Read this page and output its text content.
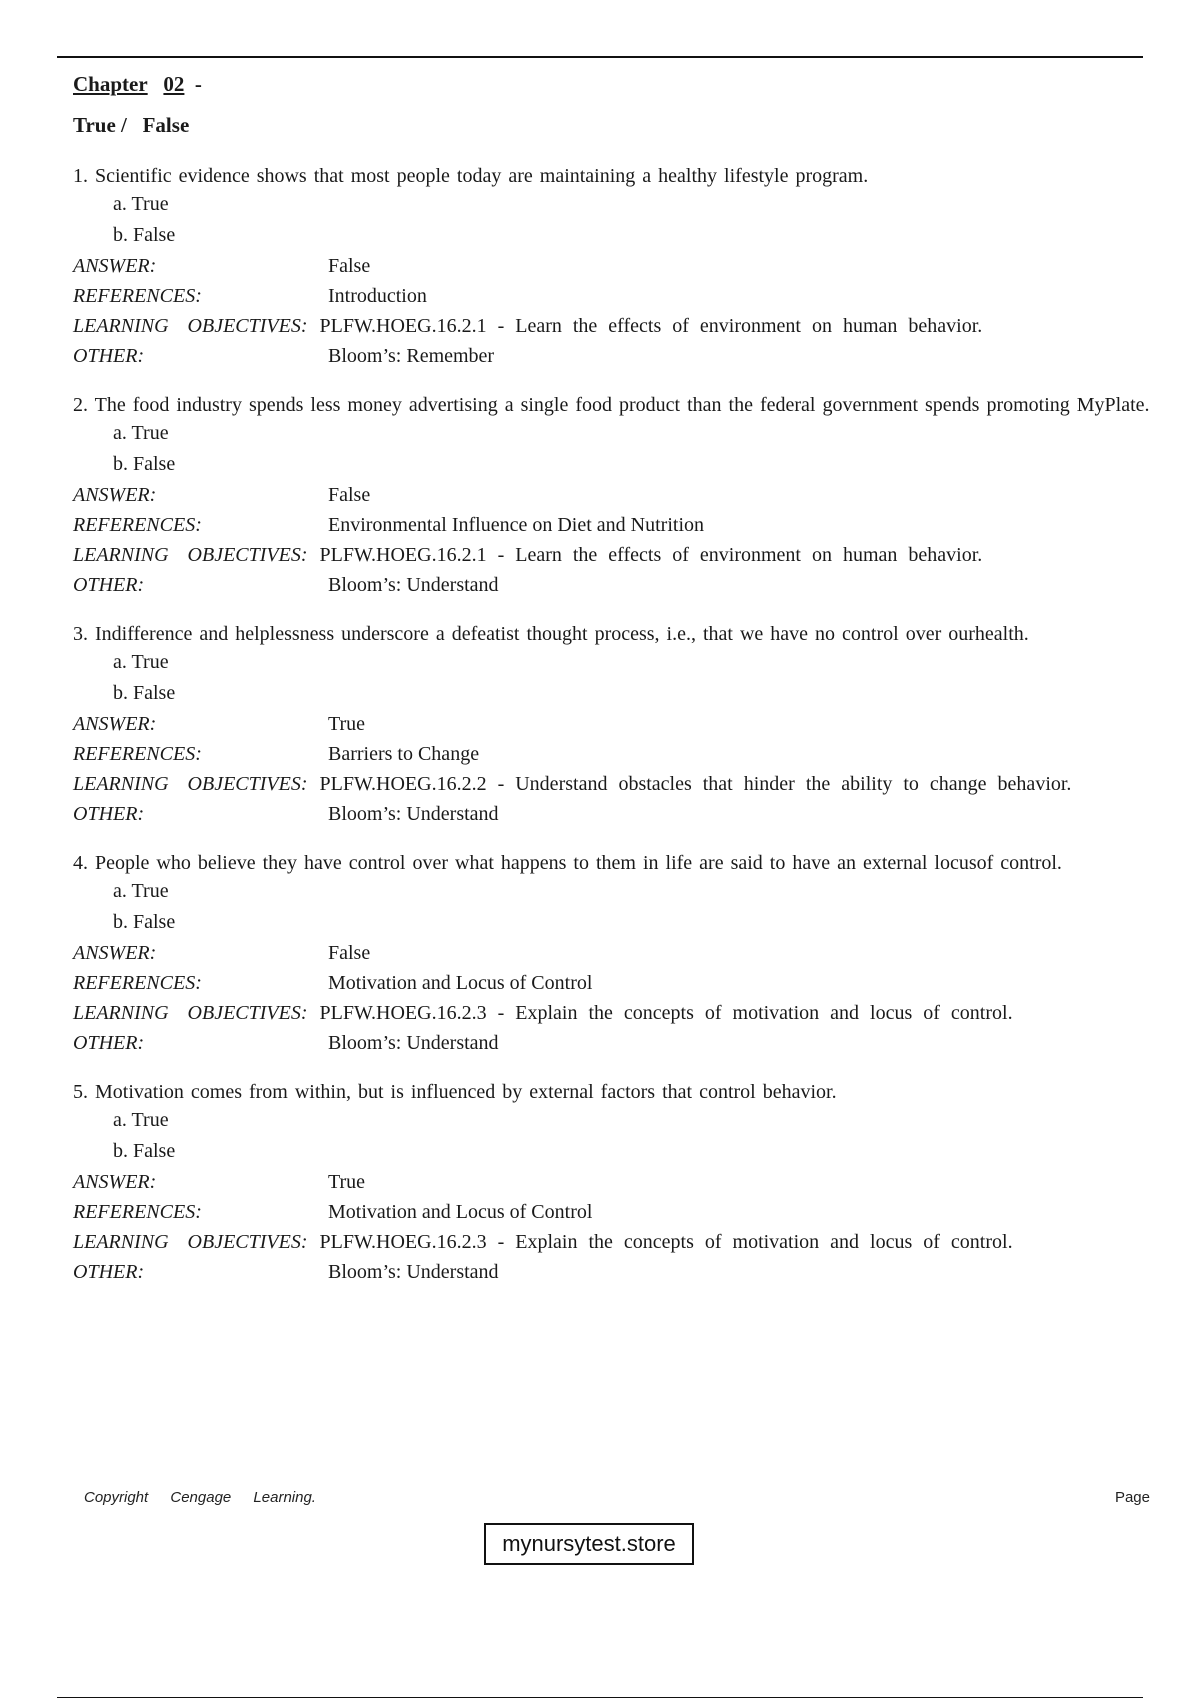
Chapter 02 -
True /   False
1. Scientific evidence shows that most people today are maintaining a healthy lifestyle program.
a. True
b. False
ANSWER:	False
REFERENCES:	Introduction
LEARNING OBJECTIVES: PLFW.HOEG.16.2.1 - Learn the effects of environment on human behavior.
OTHER:	Bloom’s: Remember
2. The food industry spends less money advertising a single food product than the federal government spends promoting MyPlate.
a. True
b. False
ANSWER:	False
REFERENCES:	Environmental Influence on Diet and Nutrition
LEARNING OBJECTIVES: PLFW.HOEG.16.2.1 - Learn the effects of environment on human behavior.
OTHER:	Bloom’s: Understand
3. Indifference and helplessness underscore a defeatist thought process, i.e., that we have no control over ourhealth.
a. True
b. False
ANSWER:	True
REFERENCES:	Barriers to Change
LEARNING OBJECTIVES: PLFW.HOEG.16.2.2 - Understand obstacles that hinder the ability to change behavior.
OTHER:	Bloom’s: Understand
4. People who believe they have control over what happens to them in life are said to have an external locusof control.
a. True
b. False
ANSWER:	False
REFERENCES:	Motivation and Locus of Control
LEARNING OBJECTIVES: PLFW.HOEG.16.2.3 - Explain the concepts of motivation and locus of control.
OTHER:	Bloom’s: Understand
5. Motivation comes from within, but is influenced by external factors that control behavior.
a. True
b. False
ANSWER:	True
REFERENCES:	Motivation and Locus of Control
LEARNING OBJECTIVES: PLFW.HOEG.16.2.3 - Explain the concepts of motivation and locus of control.
OTHER:	Bloom’s: Understand
Copyright Cengage Learning.	Page
mynursytest.store
